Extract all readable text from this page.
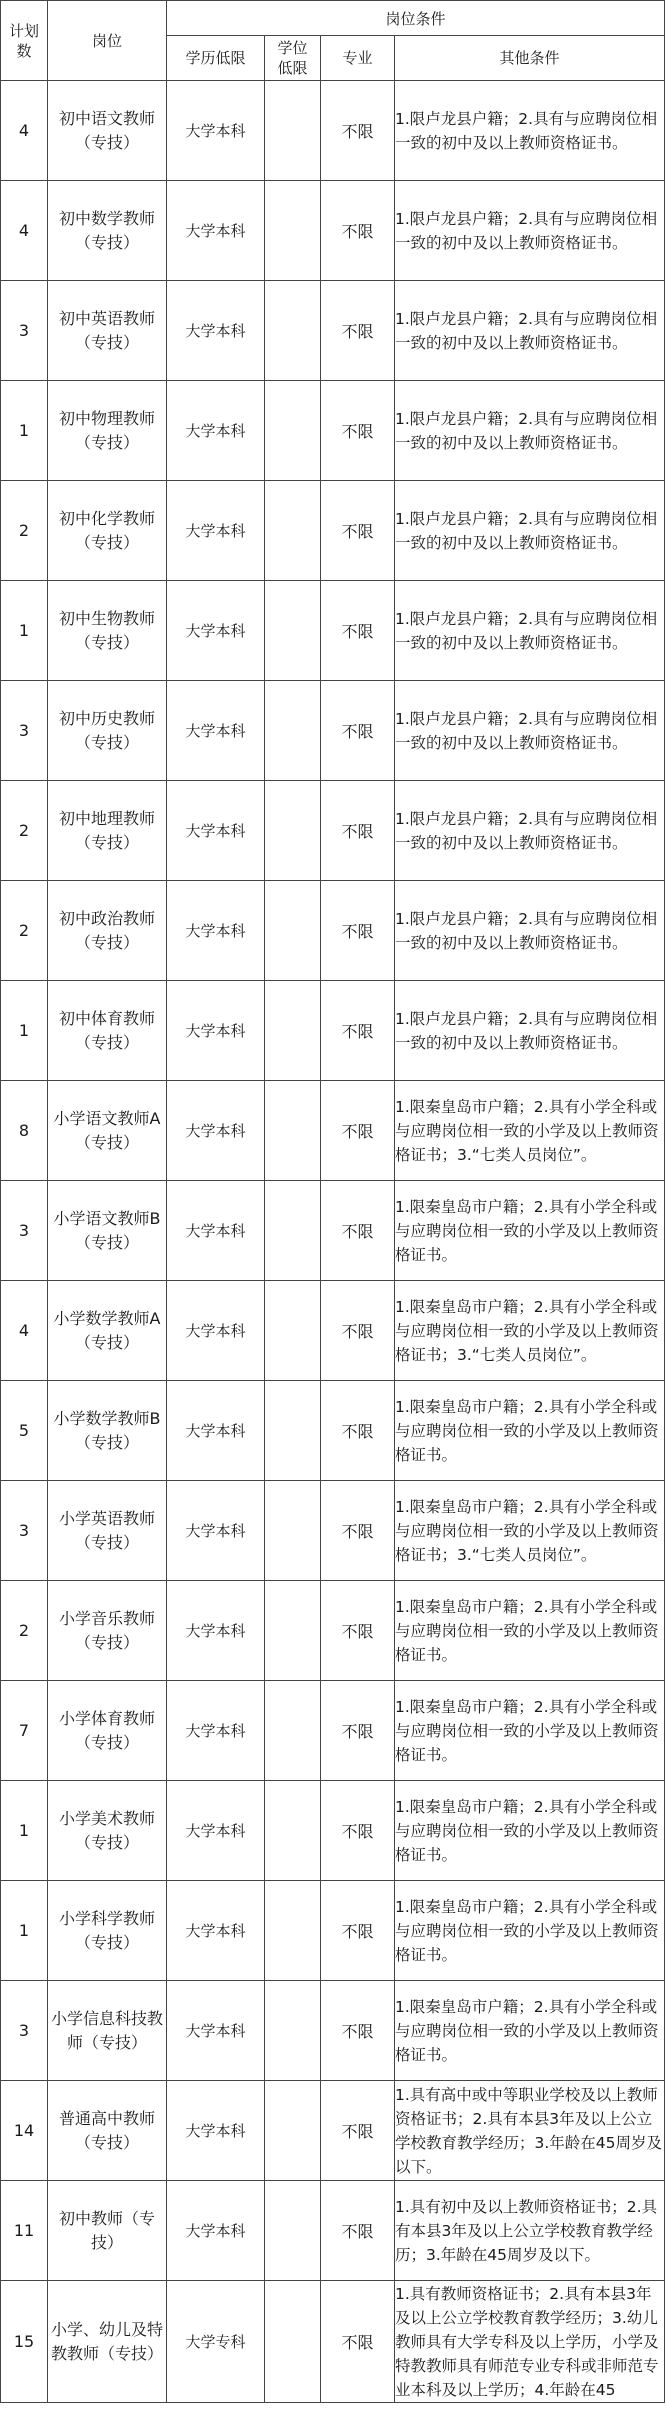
计划数	岗位	岗位条件			
		学历低限	学位低限	专业	其他条件
4	初中语文教师（专技）	大学本科		不限	1.限卢龙县户籍；2.具有与应聘岗位相一致的初中及以上教师资格证书。
4	初中数学教师（专技）	大学本科		不限	1.限卢龙县户籍；2.具有与应聘岗位相一致的初中及以上教师资格证书。
3	初中英语教师（专技）	大学本科		不限	1.限卢龙县户籍；2.具有与应聘岗位相一致的初中及以上教师资格证书。
1	初中物理教师（专技）	大学本科		不限	1.限卢龙县户籍；2.具有与应聘岗位相一致的初中及以上教师资格证书。
2	初中化学教师（专技）	大学本科		不限	1.限卢龙县户籍；2.具有与应聘岗位相一致的初中及以上教师资格证书。
1	初中生物教师（专技）	大学本科		不限	1.限卢龙县户籍；2.具有与应聘岗位相一致的初中及以上教师资格证书。
3	初中历史教师（专技）	大学本科		不限	1.限卢龙县户籍；2.具有与应聘岗位相一致的初中及以上教师资格证书。
2	初中地理教师（专技）	大学本科		不限	1.限卢龙县户籍；2.具有与应聘岗位相一致的初中及以上教师资格证书。
2	初中政治教师（专技）	大学本科		不限	1.限卢龙县户籍；2.具有与应聘岗位相一致的初中及以上教师资格证书。
1	初中体育教师（专技）	大学本科		不限	1.限卢龙县户籍；2.具有与应聘岗位相一致的初中及以上教师资格证书。
8	小学语文教师A（专技）	大学本科		不限	1.限秦皇岛市户籍；2.具有小学全科或与应聘岗位相一致的小学及以上教师资格证书；3.“七类人员岗位”。
3	小学语文教师B（专技）	大学本科		不限	1.限秦皇岛市户籍；2.具有小学全科或与应聘岗位相一致的小学及以上教师资格证书。
4	小学数学教师A（专技）	大学本科		不限	1.限秦皇岛市户籍；2.具有小学全科或与应聘岗位相一致的小学及以上教师资格证书；3.“七类人员岗位”。
5	小学数学教师B（专技）	大学本科		不限	1.限秦皇岛市户籍；2.具有小学全科或与应聘岗位相一致的小学及以上教师资格证书。
3	小学英语教师（专技）	大学本科		不限	1.限秦皇岛市户籍；2.具有小学全科或与应聘岗位相一致的小学及以上教师资格证书；3.“七类人员岗位”。
2	小学音乐教师（专技）	大学本科		不限	1.限秦皇岛市户籍；2.具有小学全科或与应聘岗位相一致的小学及以上教师资格证书。
7	小学体育教师（专技）	大学本科		不限	1.限秦皇岛市户籍；2.具有小学全科或与应聘岗位相一致的小学及以上教师资格证书。
1	小学美术教师（专技）	大学本科		不限	1.限秦皇岛市户籍；2.具有小学全科或与应聘岗位相一致的小学及以上教师资格证书。
1	小学科学教师（专技）	大学本科		不限	1.限秦皇岛市户籍；2.具有小学全科或与应聘岗位相一致的小学及以上教师资格证书。
3	小学信息科技教师（专技）	大学本科		不限	1.限秦皇岛市户籍；2.具有小学全科或与应聘岗位相一致的小学及以上教师资格证书。
14	普通高中教师（专技）	大学本科		不限	1.具有高中或中等职业学校及以上教师资格证书；2.具有本县3年及以上公立学校教育教学经历；3.年龄在45周岁及以下。
11	初中教师（专技）	大学本科		不限	1.具有初中及以上教师资格证书；2.具有本县3年及以上公立学校教育教学经历；3.年龄在45周岁及以下。
15	小学、幼儿及特教教师（专技）	大学专科		不限	1.具有教师资格证书；2.具有本县3年及以上公立学校教育教学经历；3.幼儿教师具有大学专科及以上学历，小学及特教教师具有师范专业专科或非师范专业本科及以上学历；4.年龄在45
